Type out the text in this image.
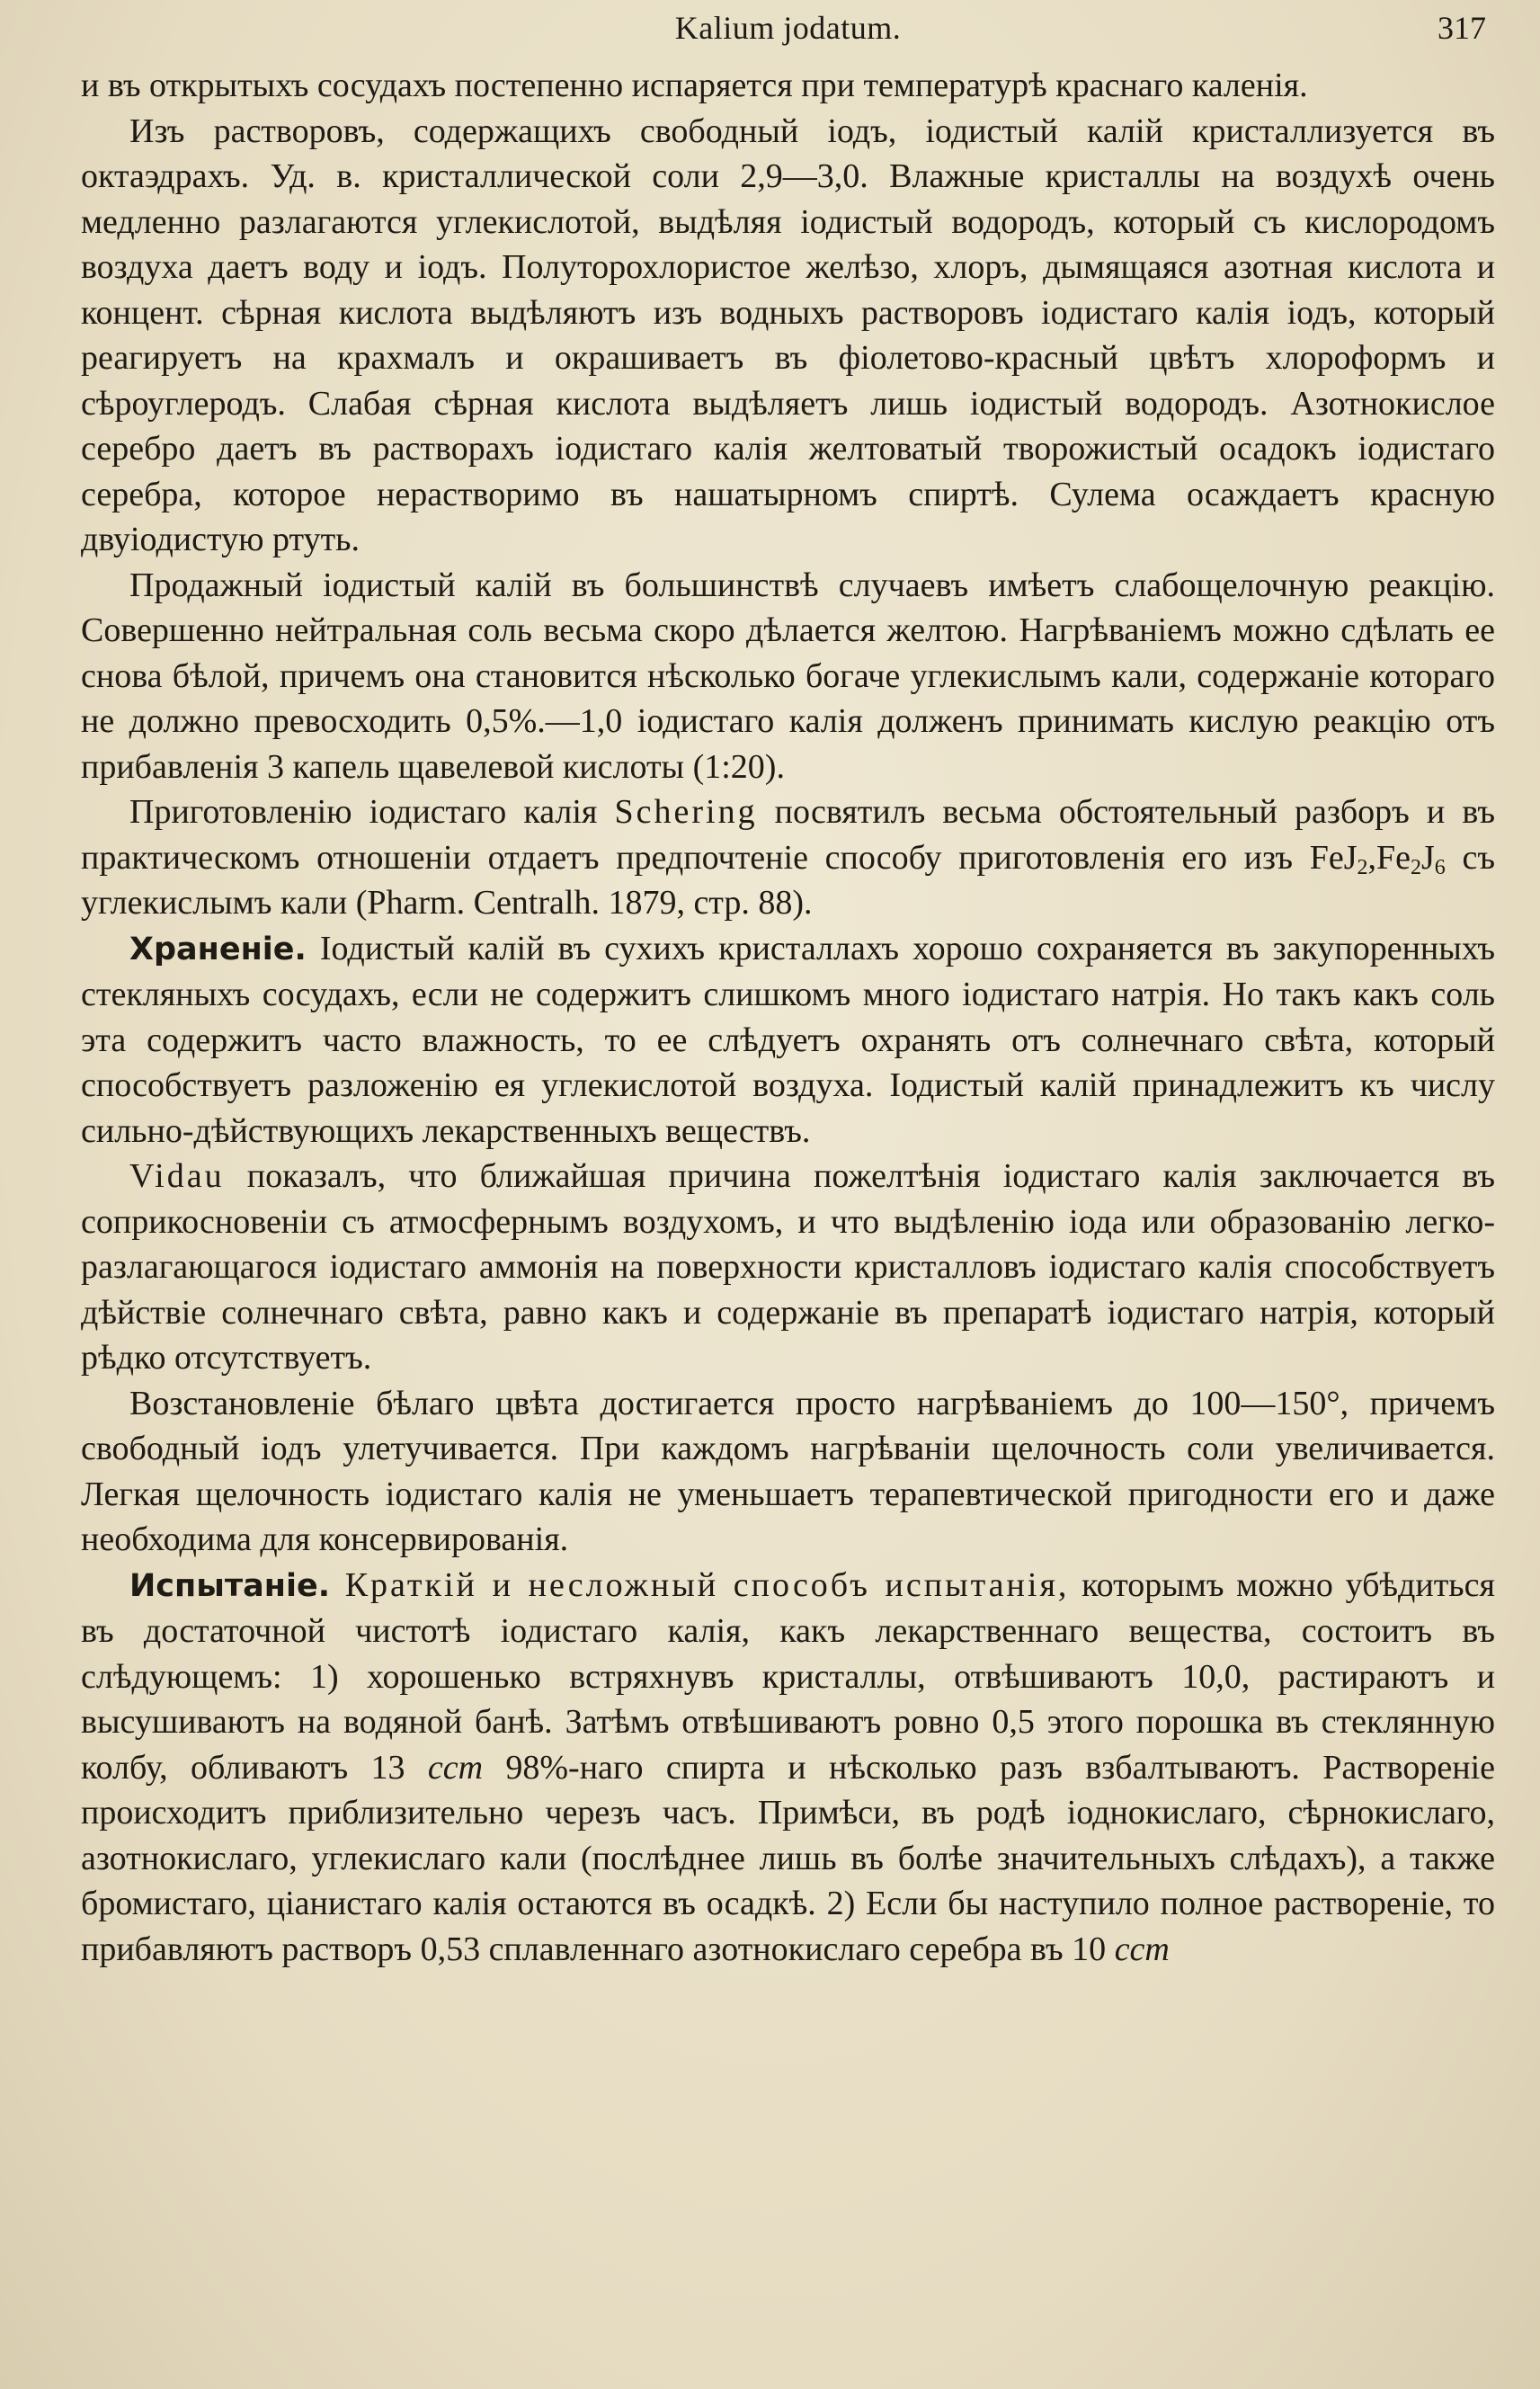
Kalium jodatum.	317

и въ открытыхъ сосудахъ постепенно испаряется при температурѣ краснаго каленія.

Изъ растворовъ, содержащихъ свободный іодъ, іодистый калій кристаллизуется въ октаэдрахъ. Уд. в. кристаллической соли 2,9—3,0. Влажные кристаллы на воздухѣ очень медленно разлагаются углекислотой, выдѣляя іодистый водородъ, который съ кислородомъ воздуха даетъ воду и іодъ. Полуторохлористое желѣзо, хлоръ, дымящаяся азотная кислота и концент. сѣрная кислота выдѣляютъ изъ водныхъ растворовъ іодистаго калія іодъ, который реагируетъ на крахмалъ и окрашиваетъ въ фіолетово-красный цвѣтъ хлороформъ и сѣроуглеродъ. Слабая сѣрная кислота выдѣляетъ лишь іодистый водородъ. Азотнокислое серебро даетъ въ растворахъ іодистаго калія желтоватый творожистый осадокъ іодистаго серебра, которое нерастворимо въ нашатырномъ спиртѣ. Сулема осаждаетъ красную двуіодистую ртуть.

Продажный іодистый калій въ большинствѣ случаевъ имѣетъ слабощелочную реакцію. Совершенно нейтральная соль весьма скоро дѣлается желтою. Нагрѣваніемъ можно сдѣлать ее снова бѣлой, причемъ она становится нѣсколько богаче углекислымъ кали, содержаніе котораго не должно превосходить 0,5%.—1,0 іодистаго калія долженъ принимать кислую реакцію отъ прибавленія 3 капель щавелевой кислоты (1:20).

Приготовленію іодистаго калія Schering посвятилъ весьма обстоятельный разборъ и въ практическомъ отношеніи отдаетъ предпочтеніе способу приготовленія его изъ $FeJ_2,Fe_2J_6$ съ углекислымъ кали (Pharm. Centralh. 1879, стр. 88).

Храненіе. Іодистый калій въ сухихъ кристаллахъ хорошо сохраняется въ закупоренныхъ стекляныхъ сосудахъ, если не содержитъ слишкомъ много іодистаго натрія. Но такъ какъ соль эта содержитъ часто влажность, то ее слѣдуетъ охранять отъ солнечнаго свѣта, который способствуетъ разложенію ея углекислотой воздуха. Іодистый калій принадлежитъ къ числу сильно-дѣйствующихъ лекарственныхъ веществъ.

Vidau показалъ, что ближайшая причина пожелтѣнія іодистаго калія заключается въ соприкосновеніи съ атмосфернымъ воздухомъ, и что выдѣленію іода или образованію легко-разлагающагося іодистаго аммонія на поверхности кристалловъ іодистаго калія способствуетъ дѣйствіе солнечнаго свѣта, равно какъ и содержаніе въ препаратѣ іодистаго натрія, который рѣдко отсутствуетъ.

Возстановленіе бѣлаго цвѣта достигается просто нагрѣваніемъ до 100—150°, причемъ свободный іодъ улетучивается. При каждомъ нагрѣваніи щелочность соли увеличивается. Легкая щелочность іодистаго калія не уменьшаетъ терапевтической пригодности его и даже необходима для консервированія.

Испытаніе. Краткій и несложный способъ испытанія, которымъ можно убѣдиться въ достаточной чистотѣ іодистаго калія, какъ лекарственнаго вещества, состоитъ въ слѣдующемъ: 1) хорошенько встряхнувъ кристаллы, отвѣшиваютъ 10,0, растираютъ и высушиваютъ на водяной банѣ. Затѣмъ отвѣшиваютъ ровно 0,5 этого порошка въ стеклянную колбу, обливаютъ 13 ccm 98%-наго спирта и нѣсколько разъ взбалтываютъ. Раствореніе происходитъ приблизительно черезъ часъ. Примѣси, въ родѣ іоднокислаго, сѣрнокислаго, азотнокислаго, углекислаго кали (послѣднее лишь въ болѣе значительныхъ слѣдахъ), а также бромистаго, ціанистаго калія остаются въ осадкѣ. 2) Если бы наступило полное раствореніе, то прибавляютъ растворъ 0,53 сплавленнаго азотнокислаго серебра въ 10 ccm
